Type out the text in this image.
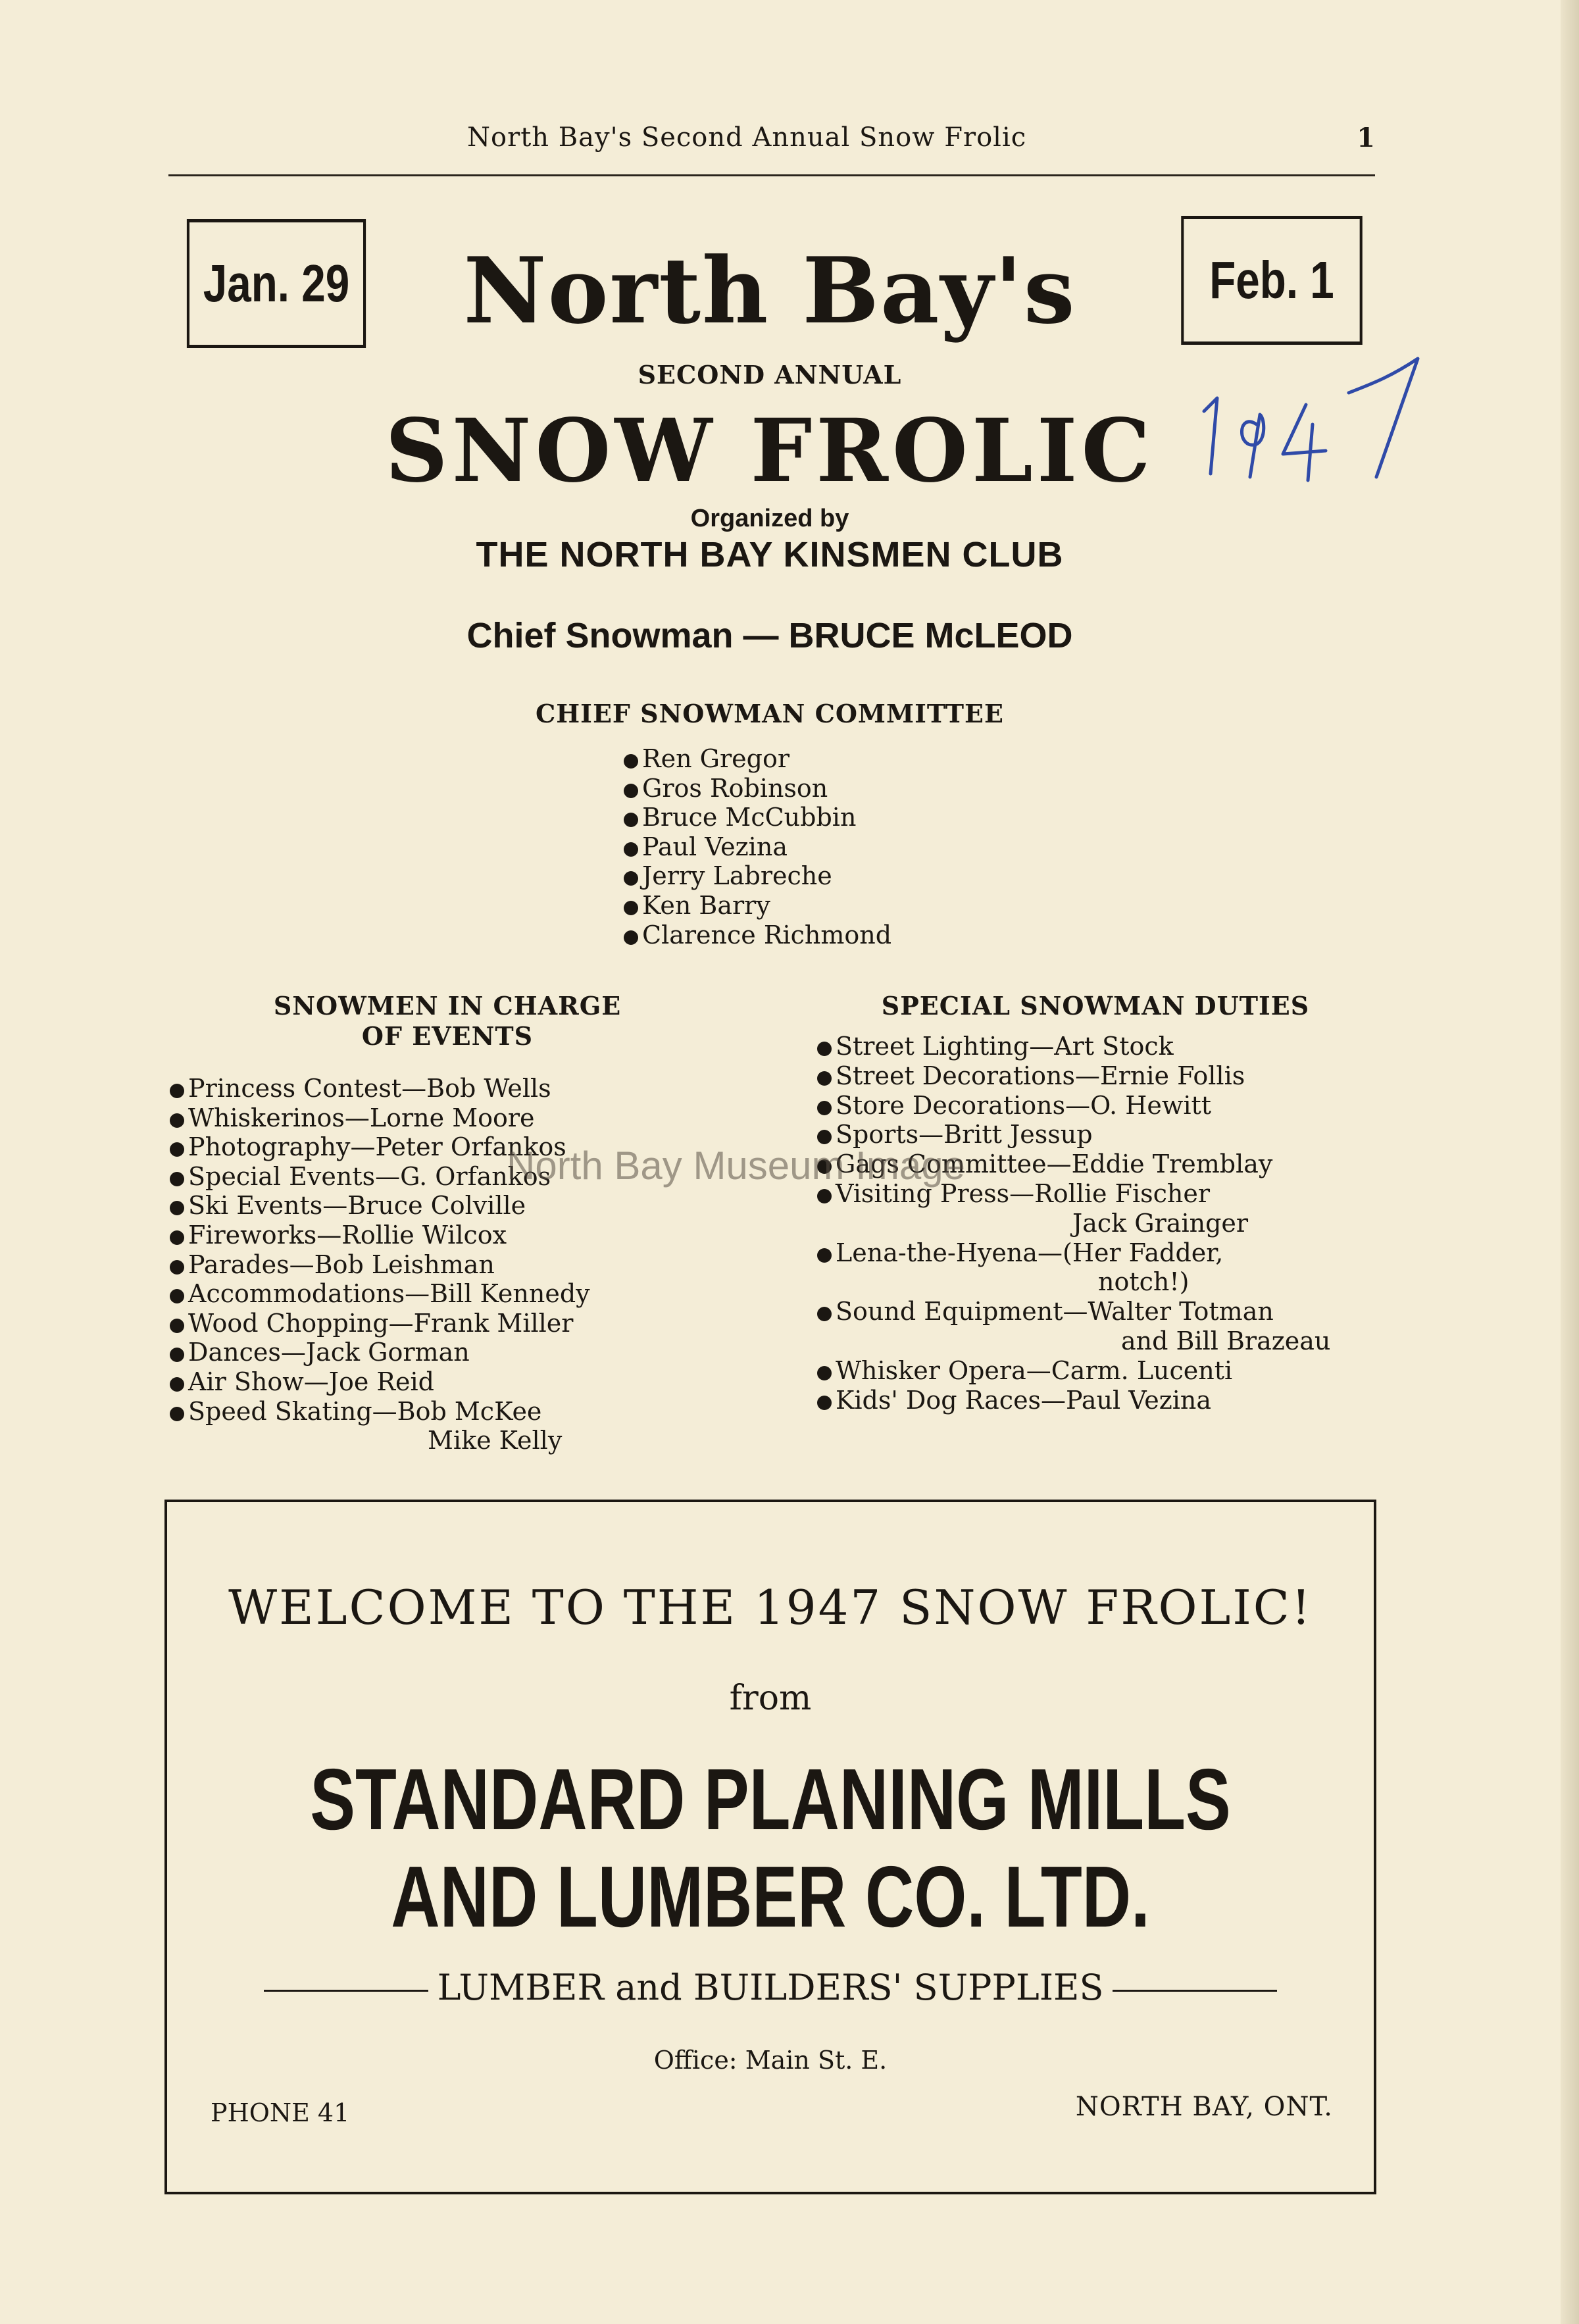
North Bay's Second Annual Snow Frolic	1
Jan. 29	Feb. 1
North Bay's
SECOND ANNUAL
SNOW FROLIC
Organized by
THE NORTH BAY KINSMEN CLUB
Chief Snowman — BRUCE McLEOD
CHIEF SNOWMAN COMMITTEE
Ren Gregor
Gros Robinson
Bruce McCubbin
Paul Vezina
Jerry Labreche
Ken Barry
Clarence Richmond
SNOWMEN IN CHARGE
OF EVENTS
SPECIAL SNOWMAN DUTIES
Princess Contest—Bob Wells
Whiskerinos—Lorne Moore
Photography—Peter Orfankos
Special Events—G. Orfankos
Ski Events—Bruce Colville
Fireworks—Rollie Wilcox
Parades—Bob Leishman
Accommodations—Bill Kennedy
Wood Chopping—Frank Miller
Dances—Jack Gorman
Air Show—Joe Reid
Speed Skating—Bob McKee
Mike Kelly
Street Lighting—Art Stock
Street Decorations—Ernie Follis
Store Decorations—O. Hewitt
Sports—Britt Jessup
Gags Committee—Eddie Tremblay
Visiting Press—Rollie Fischer
Jack Grainger
Lena-the-Hyena—(Her Fadder,
notch!)
Sound Equipment—Walter Totman
and Bill Brazeau
Whisker Opera—Carm. Lucenti
Kids' Dog Races—Paul Vezina
North Bay Museum Image
WELCOME TO THE 1947 SNOW FROLIC!
from
STANDARD PLANING MILLS
AND LUMBER CO. LTD.
LUMBER and BUILDERS' SUPPLIES
Office: Main St. E.
PHONE 41	NORTH BAY, ONT.
